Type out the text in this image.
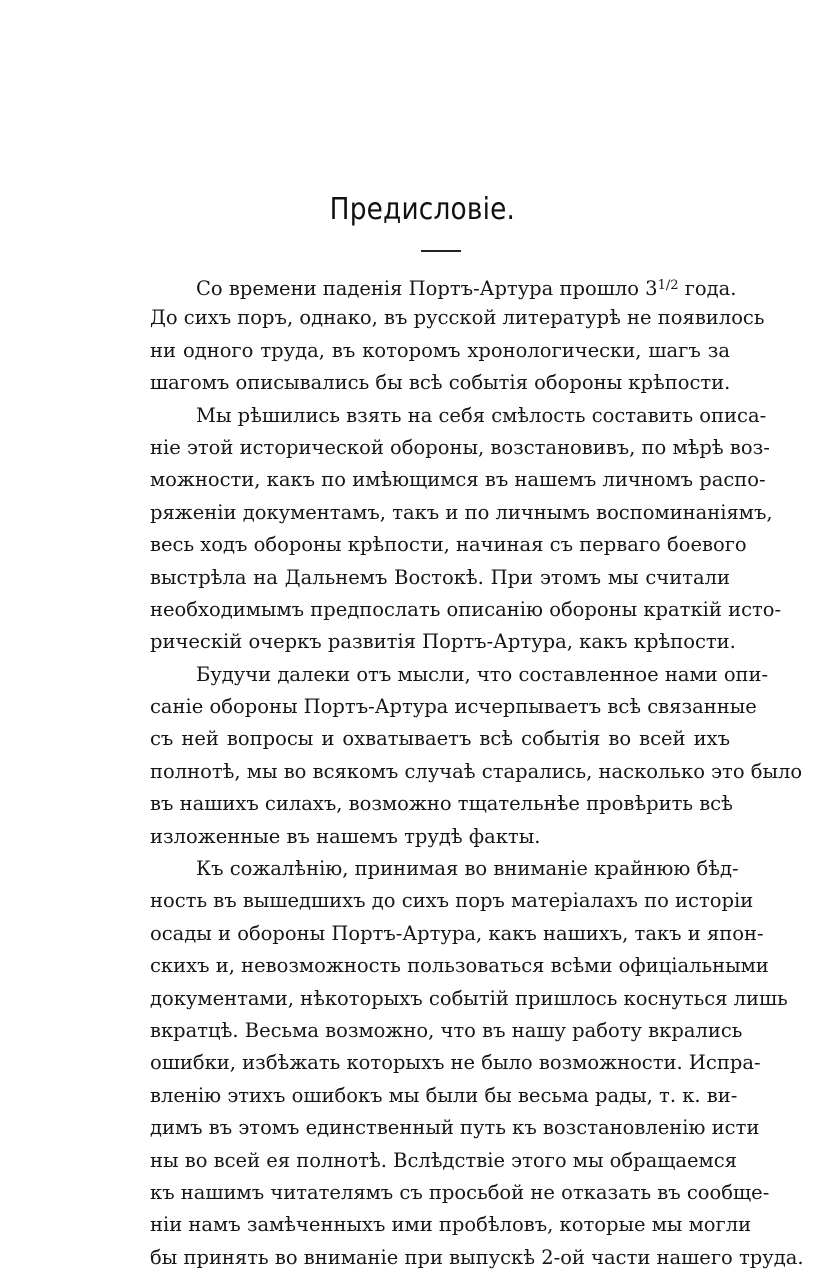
Предисловіе.
Со времени паденія Портъ-Артура прошло $3^{1/2}$ года.
До сихъ поръ, однако, въ русской литературѣ не появилось
ни одного труда, въ которомъ хронологически, шагъ за
шагомъ описывались бы всѣ событія обороны крѣпости.
Мы рѣшились взять на себя смѣлость составить описа-
ніе этой исторической обороны, возстановивъ, по мѣрѣ воз-
можности, какъ по имѣющимся въ нашемъ личномъ распо-
ряженіи документамъ, такъ и по личнымъ воспоминаніямъ,
весь ходъ обороны крѣпости, начиная съ перваго боевого
выстрѣла на Дальнемъ Востокѣ. При этомъ мы считали
необходимымъ предпослать описанію обороны краткій исто-
рическій очеркъ развитія Портъ-Артура, какъ крѣпости.
Будучи далеки отъ мысли, что составленное нами опи-
саніе обороны Портъ-Артура исчерпываетъ всѣ связанные
съ ней вопросы и охватываетъ всѣ событія во всей ихъ
полнотѣ, мы во всякомъ случаѣ старались, насколько это было
въ нашихъ силахъ, возможно тщательнѣе провѣрить всѣ
изложенные въ нашемъ трудѣ факты.
Къ сожалѣнію, принимая во вниманіе крайнюю бѣд-
ность въ вышедшихъ до сихъ поръ матеріалахъ по исторіи
осады и обороны Портъ-Артура, какъ нашихъ, такъ и япон-
скихъ и, невозможность пользоваться всѣми офиціальными
документами, нѣкоторыхъ событій пришлось коснуться лишь
вкратцѣ. Весьма возможно, что въ нашу работу вкрались
ошибки, избѣжать которыхъ не было возможности. Испра-
вленію этихъ ошибокъ мы были бы весьма рады, т. к. ви-
димъ въ этомъ единственный путь къ возстановленію исти
ны во всей ея полнотѣ. Вслѣдствіе этого мы обращаемся
къ нашимъ читателямъ съ просьбой не отказать въ сообще-
ніи намъ замѣченныхъ ими пробѣловъ, которые мы могли
бы принять во вниманіе при выпускѣ 2-ой части нашего труда.
